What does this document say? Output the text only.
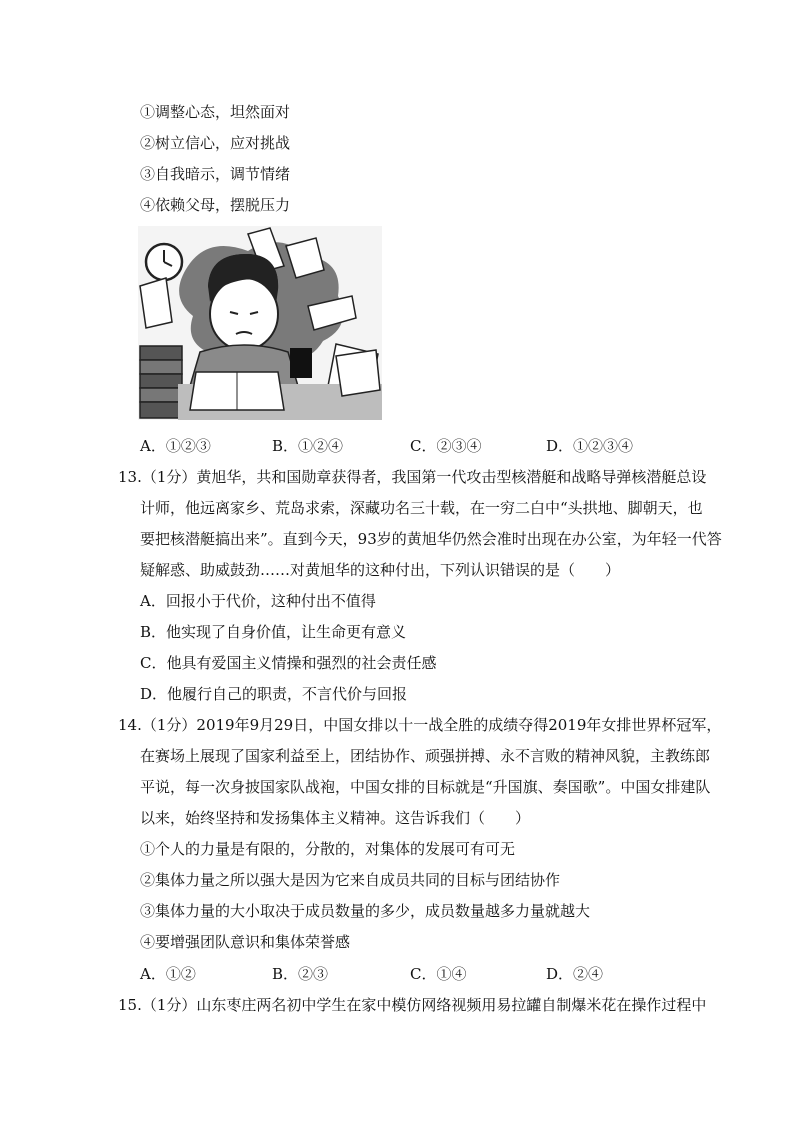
①调整心态，坦然面对
②树立信心，应对挑战
③自我暗示，调节情绪
④依赖父母，摆脱压力
A．①②③	B．①②④	C．②③④	D．①②③④
13.（1分）黄旭华，共和国勋章获得者，我国第一代攻击型核潜艇和战略导弹核潜艇总设
计师，他远离家乡、荒岛求索，深藏功名三十载，在一穷二白中“头拱地、脚朝天，也
要把核潜艇搞出来”。直到今天，93岁的黄旭华仍然会准时出现在办公室，为年轻一代答
疑解惑、助威鼓劲……对黄旭华的这种付出，下列认识错误的是（　　）
A．回报小于代价，这种付出不值得
B．他实现了自身价值，让生命更有意义
C．他具有爱国主义情操和强烈的社会责任感
D．他履行自己的职责，不言代价与回报
14.（1分）2019年9月29日，中国女排以十一战全胜的成绩夺得2019年女排世界杯冠军，
在赛场上展现了国家利益至上，团结协作、顽强拼搏、永不言败的精神风貌，主教练郎
平说，每一次身披国家队战袍，中国女排的目标就是“升国旗、奏国歌”。中国女排建队
以来，始终坚持和发扬集体主义精神。这告诉我们（　　）
①个人的力量是有限的，分散的，对集体的发展可有可无
②集体力量之所以强大是因为它来自成员共同的目标与团结协作
③集体力量的大小取决于成员数量的多少，成员数量越多力量就越大
④要增强团队意识和集体荣誉感
A．①②	B．②③	C．①④	D．②④
15.（1分）山东枣庄两名初中学生在家中模仿网络视频用易拉罐自制爆米花在操作过程中
